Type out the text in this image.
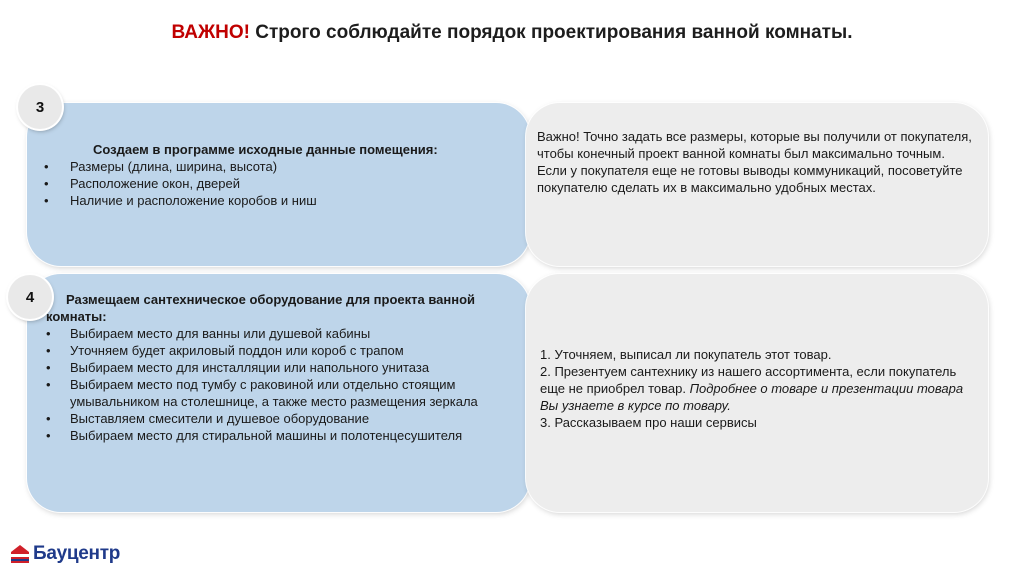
ВАЖНО! Строго соблюдайте порядок проектирования ванной комнаты.
3
Создаем в программе исходные данные помещения:
• Размеры (длина, ширина, высота)
• Расположение окон, дверей
• Наличие и расположение коробов и ниш
Важно! Точно задать все размеры, которые вы получили от покупателя, чтобы конечный проект ванной комнаты был максимально точным.
Если у покупателя еще не готовы выводы коммуникаций, посоветуйте покупателю сделать их в максимально удобных местах.
4	Размещаем сантехническое оборудование для проекта ванной комнаты:
• Выбираем место для ванны или душевой кабины
• Уточняем будет акриловый поддон или короб с трапом
• Выбираем место для инсталляции или напольного унитаза
• Выбираем место под тумбу с раковиной или отдельно стоящим умывальником на столешнице, а также место размещения зеркала
• Выставляем смесители и душевое оборудование
• Выбираем место для стиральной машины и полотенцесушителя
1. Уточняем, выписал ли покупатель этот товар.
2. Презентуем сантехнику из нашего ассортимента, если покупатель еще не приобрел товар. Подробнее о товаре и презентации товара Вы узнаете в курсе по товару.
3. Рассказываем про наши сервисы
Бауцентр
